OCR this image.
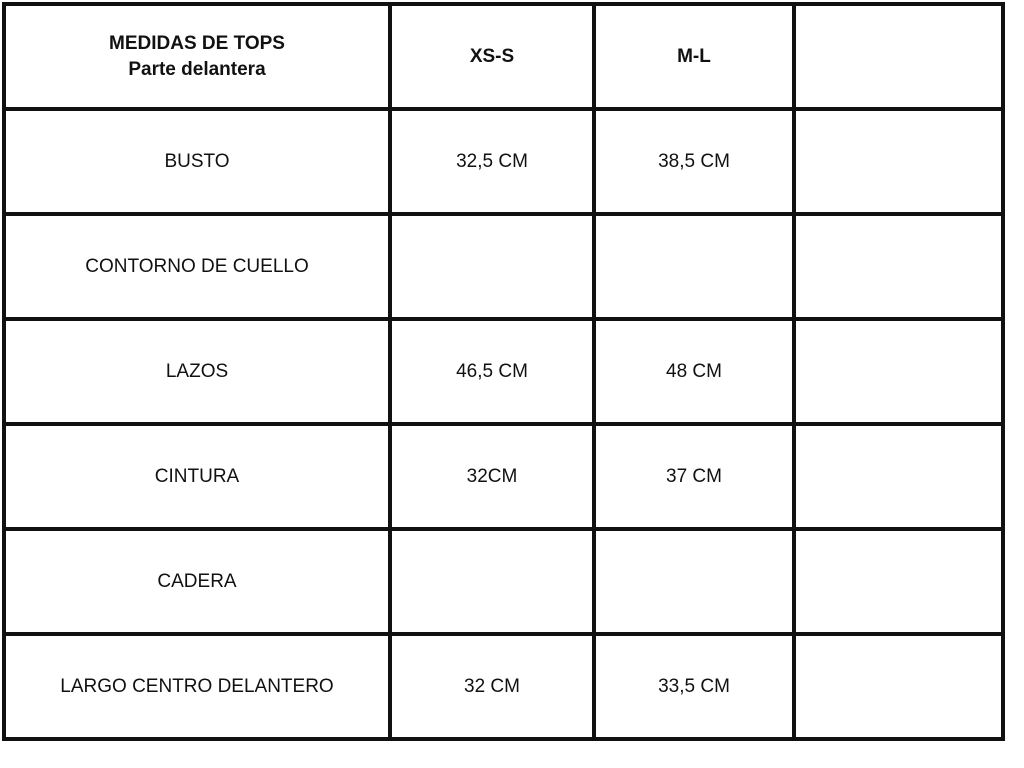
MEDIDAS DE TOPS
Parte delantera	XS-S	M-L	
BUSTO	32,5 CM	38,5 CM	
CONTORNO DE CUELLO			
LAZOS	46,5 CM	48 CM	
CINTURA	32CM	37 CM	
CADERA			
LARGO CENTRO DELANTERO	32 CM	33,5 CM	
